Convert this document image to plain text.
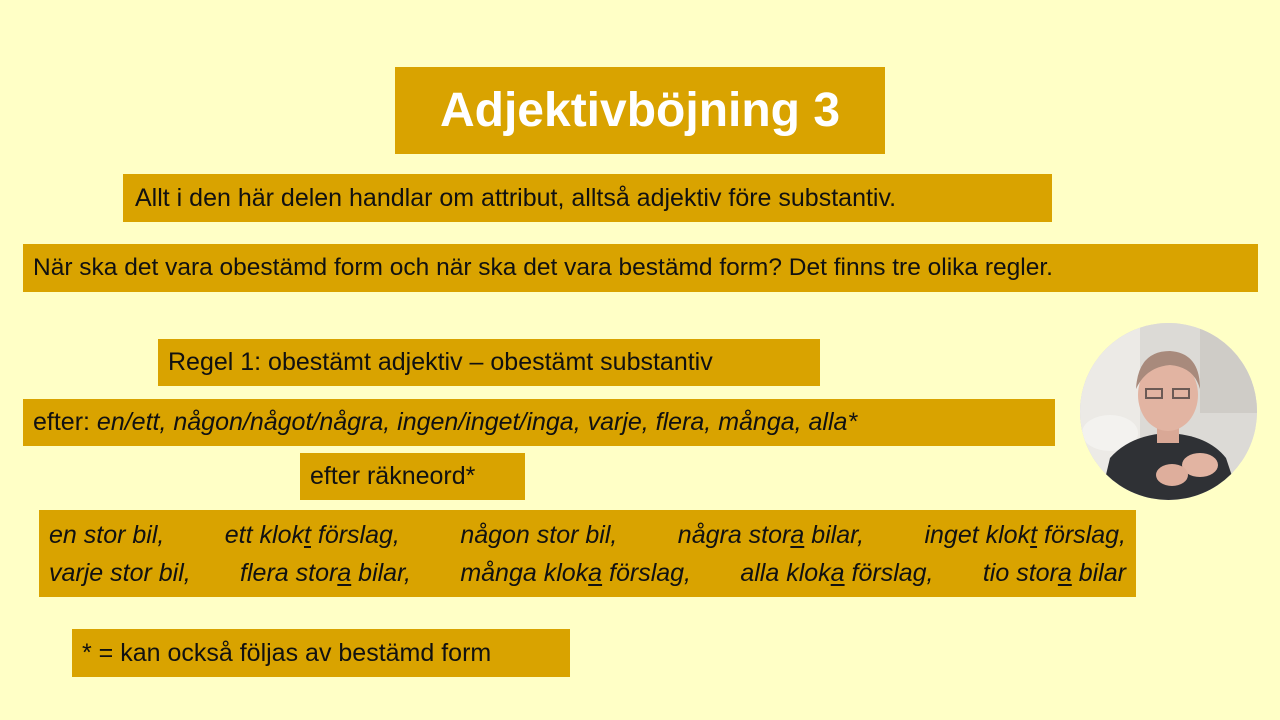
Adjektivböjning 3
Allt i den här delen handlar om attribut, alltså adjektiv före substantiv.
När ska det vara obestämd form och när ska det vara bestämd form? Det finns tre olika regler.
Regel 1: obestämt adjektiv – obestämt substantiv
efter: en/ett, någon/något/några, ingen/inget/inga, varje, flera, många, alla*
efter räkneord*
en stor bil, ett klokt förslag, någon stor bil, några stora bilar, inget klokt förslag,
varje stor bil, flera stora bilar, många kloka förslag, alla kloka förslag, tio stora bilar
* = kan också följas av bestämd form
